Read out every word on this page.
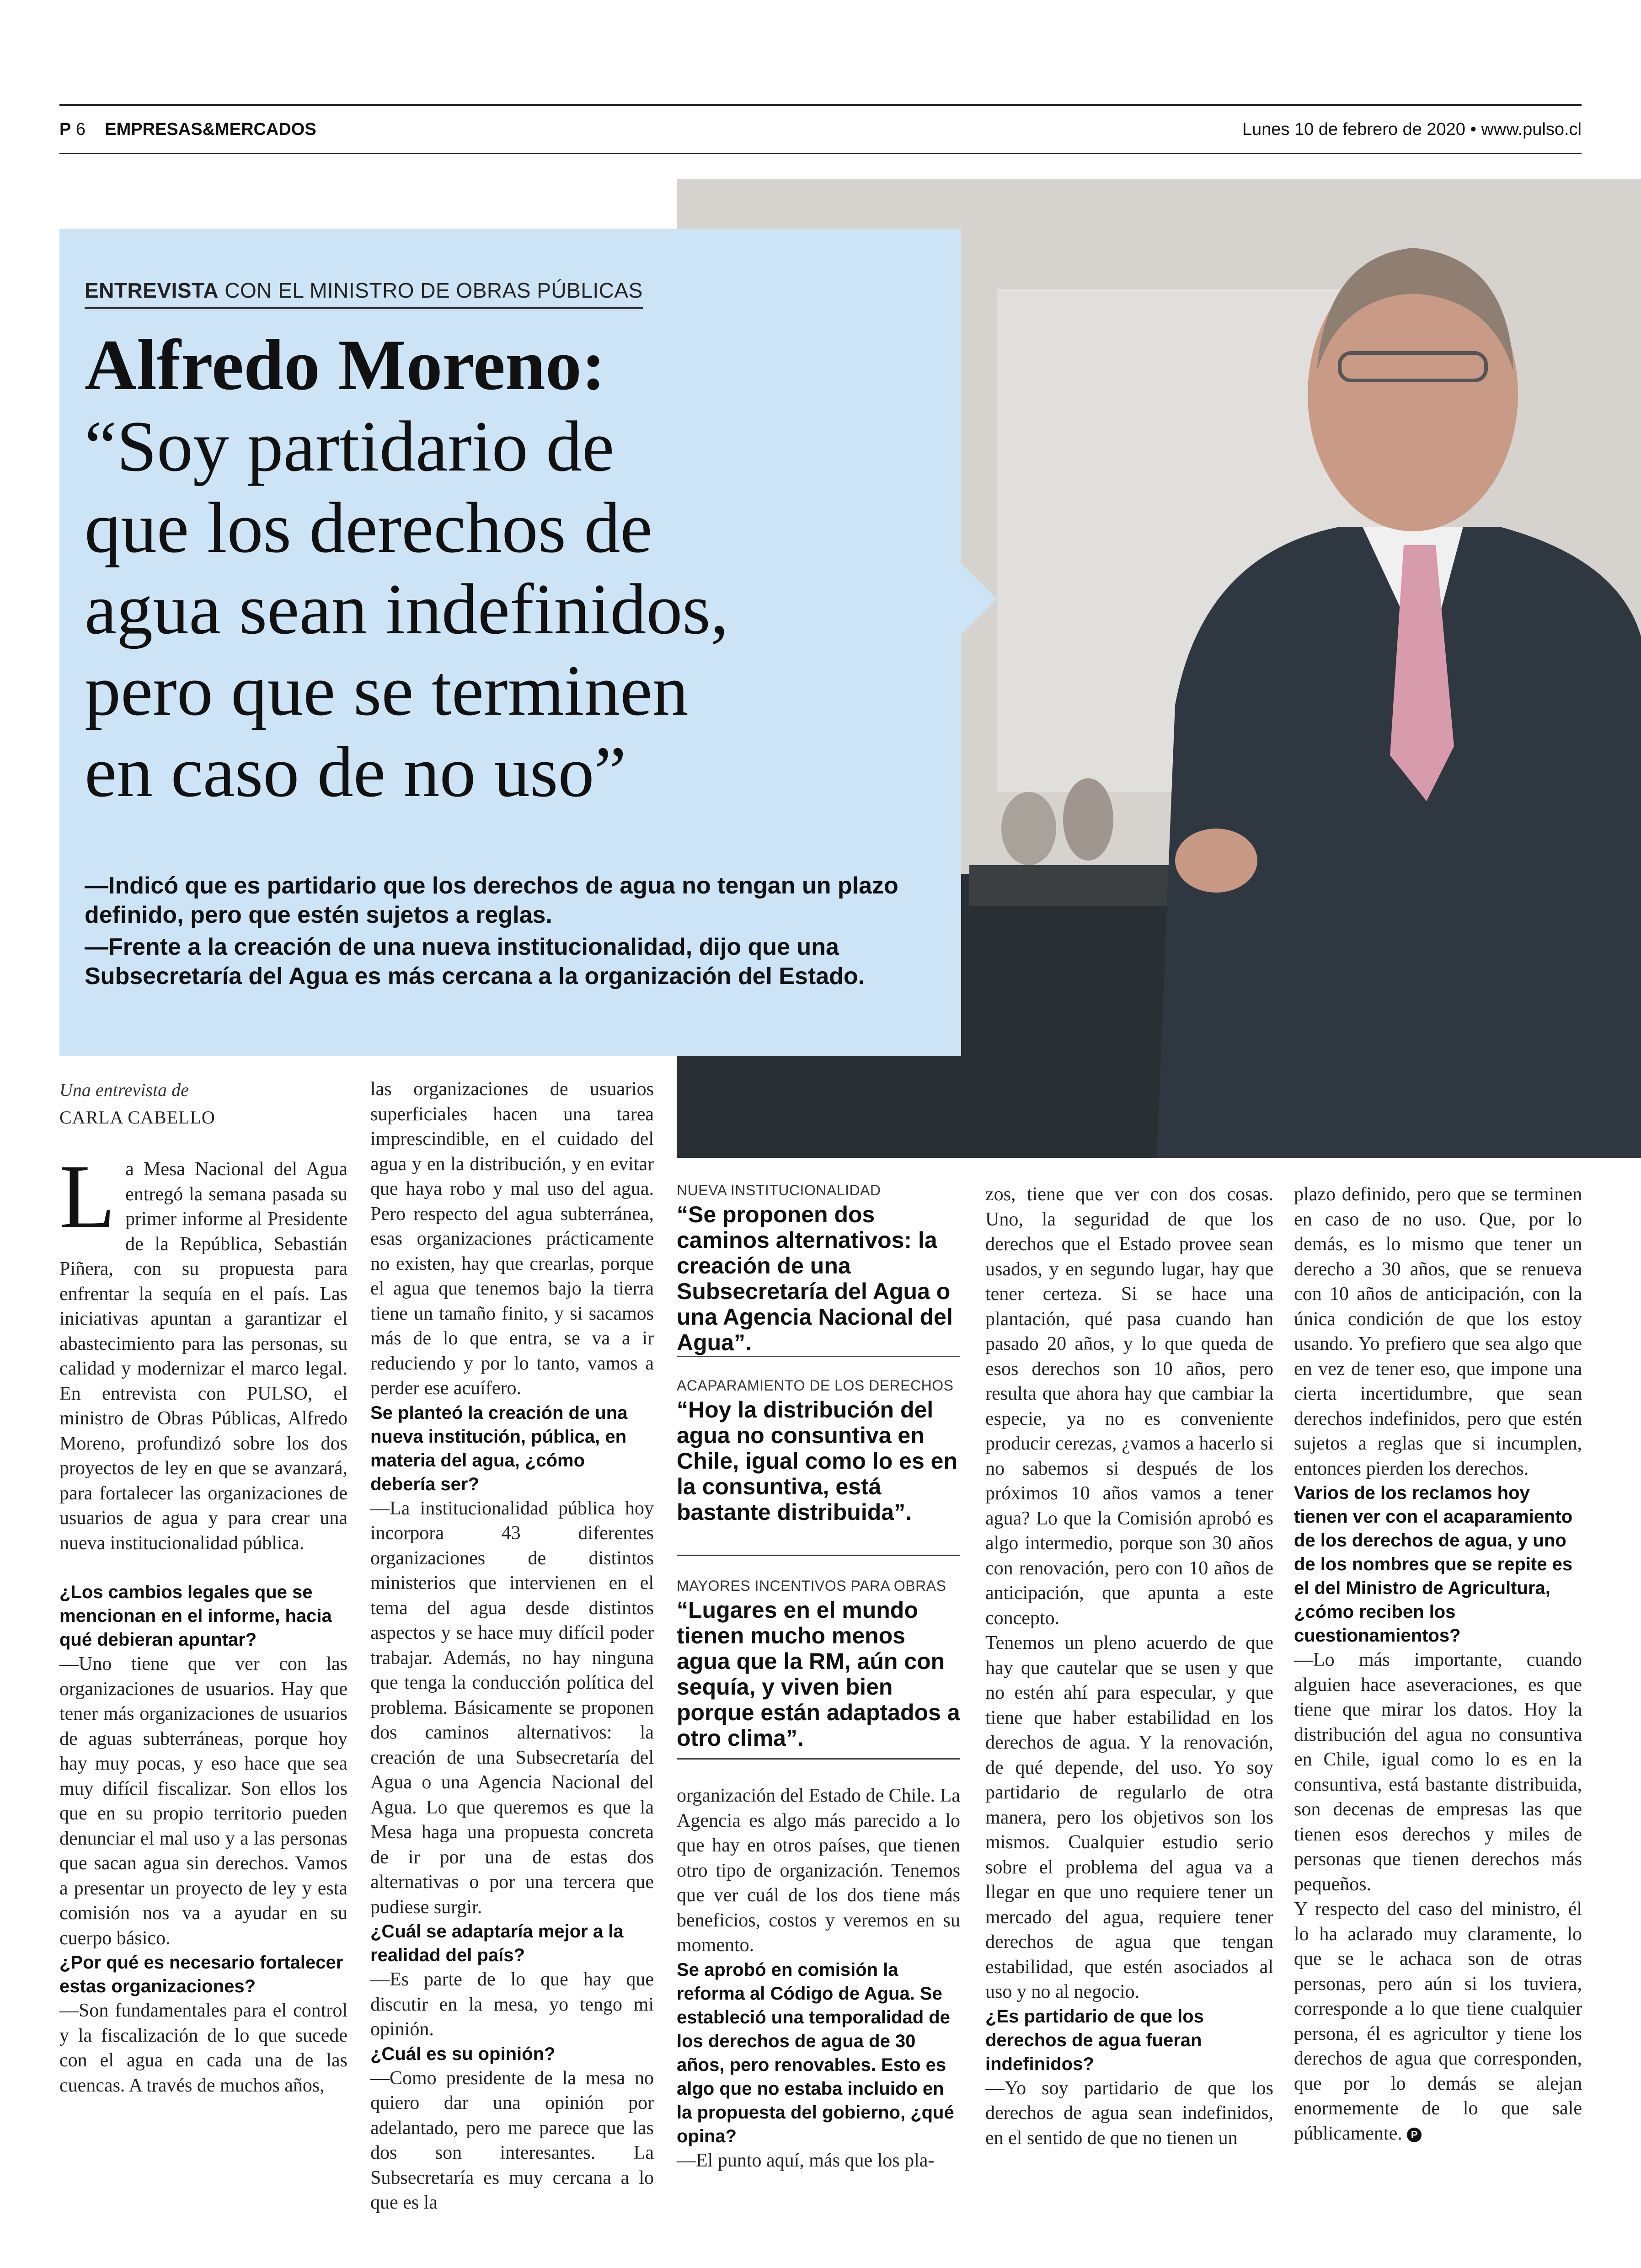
P 6 EMPRESAS&MERCADOS	Lunes 10 de febrero de 2020 • www.pulso.cl
ENTREVISTA CON EL MINISTRO DE OBRAS PÚBLICAS
Alfredo Moreno:
“Soy partidario de
que los derechos de
agua sean indefinidos,
pero que se terminen
en caso de no uso”

—Indicó que es partidario que los derechos de agua no tengan un plazo definido, pero que estén sujetos a reglas.

—Frente a la creación de una nueva institucionalidad, dijo que una Subsecretaría del Agua es más cercana a la organización del Estado.

Una entrevista de
CARLA CABELLO

La Mesa Nacional del Agua entregó la semana pasada su primer informe al Presidente de la República, Sebastián Piñera, con su propuesta para enfrentar la sequía en el país. Las iniciativas apuntan a garantizar el abastecimiento para las personas, su calidad y modernizar el marco legal. En entrevista con PULSO, el ministro de Obras Públicas, Alfredo Moreno, profundizó sobre los dos proyectos de ley en que se avanzará, para fortalecer las organizaciones de usuarios de agua y para crear una nueva institucionalidad pública.

¿Los cambios legales que se mencionan en el informe, hacia qué debieran apuntar?

—Uno tiene que ver con las organizaciones de usuarios. Hay que tener más organizaciones de usuarios de aguas subterráneas, porque hoy hay muy pocas, y eso hace que sea muy difícil fiscalizar. Son ellos los que en su propio territorio pueden denunciar el mal uso y a las personas que sacan agua sin derechos. Vamos a presentar un proyecto de ley y esta comisión nos va a ayudar en su cuerpo básico.

¿Por qué es necesario fortalecer estas organizaciones?

—Son fundamentales para el control y la fiscalización de lo que sucede con el agua en cada una de las cuencas. A través de muchos años,

las organizaciones de usuarios superficiales hacen una tarea imprescindible, en el cuidado del agua y en la distribución, y en evitar que haya robo y mal uso del agua. Pero respecto del agua subterránea, esas organizaciones prácticamente no existen, hay que crearlas, porque el agua que tenemos bajo la tierra tiene un tamaño finito, y si sacamos más de lo que entra, se va a ir reduciendo y por lo tanto, vamos a perder ese acuífero.

Se planteó la creación de una nueva institución, pública, en materia del agua, ¿cómo debería ser?

—La institucionalidad pública hoy incorpora 43 diferentes organizaciones de distintos ministerios que intervienen en el tema del agua desde distintos aspectos y se hace muy difícil poder trabajar. Además, no hay ninguna que tenga la conducción política del problema. Básicamente se proponen dos caminos alternativos: la creación de una Subsecretaría del Agua o una Agencia Nacional del Agua. Lo que queremos es que la Mesa haga una propuesta concreta de ir por una de estas dos alternativas o por una tercera que pudiese surgir.

¿Cuál se adaptaría mejor a la realidad del país?

—Es parte de lo que hay que discutir en la mesa, yo tengo mi opinión.

¿Cuál es su opinión?

—Como presidente de la mesa no quiero dar una opinión por adelantado, pero me parece que las dos son interesantes. La Subsecretaría es muy cercana a lo que es la

NUEVA INSTITUCIONALIDAD
“Se proponen dos caminos alternativos: la creación de una Subsecretaría del Agua o una Agencia Nacional del Agua”.
ACAPARAMIENTO DE LOS DERECHOS
“Hoy la distribución del agua no consuntiva en Chile, igual como lo es en la consuntiva, está bastante distribuida”.
MAYORES INCENTIVOS PARA OBRAS
“Lugares en el mundo tienen mucho menos agua que la RM, aún con sequía, y viven bien porque están adaptados a otro clima”.

organización del Estado de Chile. La Agencia es algo más parecido a lo que hay en otros países, que tienen otro tipo de organización. Tenemos que ver cuál de los dos tiene más beneficios, costos y veremos en su momento.

Se aprobó en comisión la reforma al Código de Agua. Se estableció una temporalidad de los derechos de agua de 30 años, pero renovables. Esto es algo que no estaba incluido en la propuesta del gobierno, ¿qué opina?

—El punto aquí, más que los pla-

zos, tiene que ver con dos cosas. Uno, la seguridad de que los derechos que el Estado provee sean usados, y en segundo lugar, hay que tener certeza. Si se hace una plantación, qué pasa cuando han pasado 20 años, y lo que queda de esos derechos son 10 años, pero resulta que ahora hay que cambiar la especie, ya no es conveniente producir cerezas, ¿vamos a hacerlo si no sabemos si después de los próximos 10 años vamos a tener agua? Lo que la Comisión aprobó es algo intermedio, porque son 30 años con renovación, pero con 10 años de anticipación, que apunta a este concepto.

Tenemos un pleno acuerdo de que hay que cautelar que se usen y que no estén ahí para especular, y que tiene que haber estabilidad en los derechos de agua. Y la renovación, de qué depende, del uso. Yo soy partidario de regularlo de otra manera, pero los objetivos son los mismos. Cualquier estudio serio sobre el problema del agua va a llegar en que uno requiere tener un mercado del agua, requiere tener derechos de agua que tengan estabilidad, que estén asociados al uso y no al negocio.

¿Es partidario de que los derechos de agua fueran indefinidos?

—Yo soy partidario de que los derechos de agua sean indefinidos, en el sentido de que no tienen un

plazo definido, pero que se terminen en caso de no uso. Que, por lo demás, es lo mismo que tener un derecho a 30 años, que se renueva con 10 años de anticipación, con la única condición de que los estoy usando. Yo prefiero que sea algo que en vez de tener eso, que impone una cierta incertidumbre, que sean derechos indefinidos, pero que estén sujetos a reglas que si incumplen, entonces pierden los derechos.

Varios de los reclamos hoy tienen ver con el acaparamiento de los derechos de agua, y uno de los nombres que se repite es el del Ministro de Agricultura, ¿cómo reciben los cuestionamientos?

—Lo más importante, cuando alguien hace aseveraciones, es que tiene que mirar los datos. Hoy la distribución del agua no consuntiva en Chile, igual como lo es en la consuntiva, está bastante distribuida, son decenas de empresas las que tienen esos derechos y miles de personas que tienen derechos más pequeños.

Y respecto del caso del ministro, él lo ha aclarado muy claramente, lo que se le achaca son de otras personas, pero aún si los tuviera, corresponde a lo que tiene cualquier persona, él es agricultor y tiene los derechos de agua que corresponden, que por lo demás se alejan enormemente de lo que sale públicamente. P
